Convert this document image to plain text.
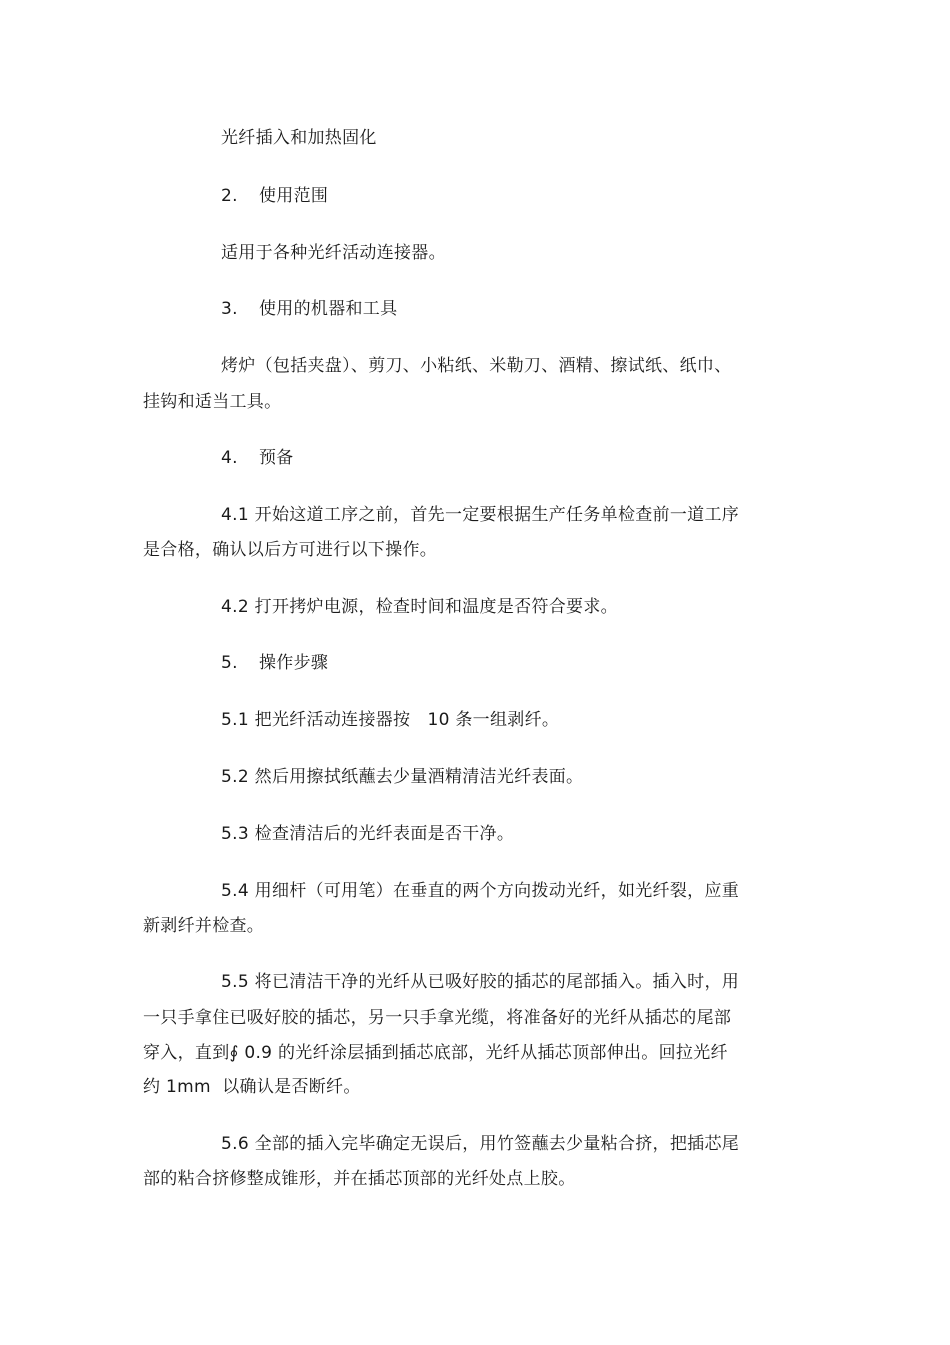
光纤插入和加热固化
2. 使用范围
适用于各种光纤活动连接器。
3. 使用的机器和工具
烤炉（包括夹盘）、剪刀、小粘纸、米勒刀、酒精、擦试纸、纸巾、
挂钩和适当工具。
4. 预备
4.1 开始这道工序之前，首先一定要根据生产任务单检查前一道工序
是合格，确认以后方可进行以下操作。
4.2 打开拷炉电源，检查时间和温度是否符合要求。
5. 操作步骤
5.1 把光纤活动连接器按   10 条一组剥纤。
5.2 然后用擦拭纸蘸去少量酒精清洁光纤表面。
5.3 检查清洁后的光纤表面是否干净。
5.4 用细杆（可用笔）在垂直的两个方向拨动光纤，如光纤裂，应重
新剥纤并检查。
5.5 将已清洁干净的光纤从已吸好胶的插芯的尾部插入。插入时，用
一只手拿住已吸好胶的插芯，另一只手拿光缆，将准备好的光纤从插芯的尾部
穿入，直到∮ 0.9 的光纤涂层插到插芯底部，光纤从插芯顶部伸出。回拉光纤
约 1mm  以确认是否断纤。
5.6 全部的插入完毕确定无误后，用竹签蘸去少量粘合挤，把插芯尾
部的粘合挤修整成锥形，并在插芯顶部的光纤处点上胶。
